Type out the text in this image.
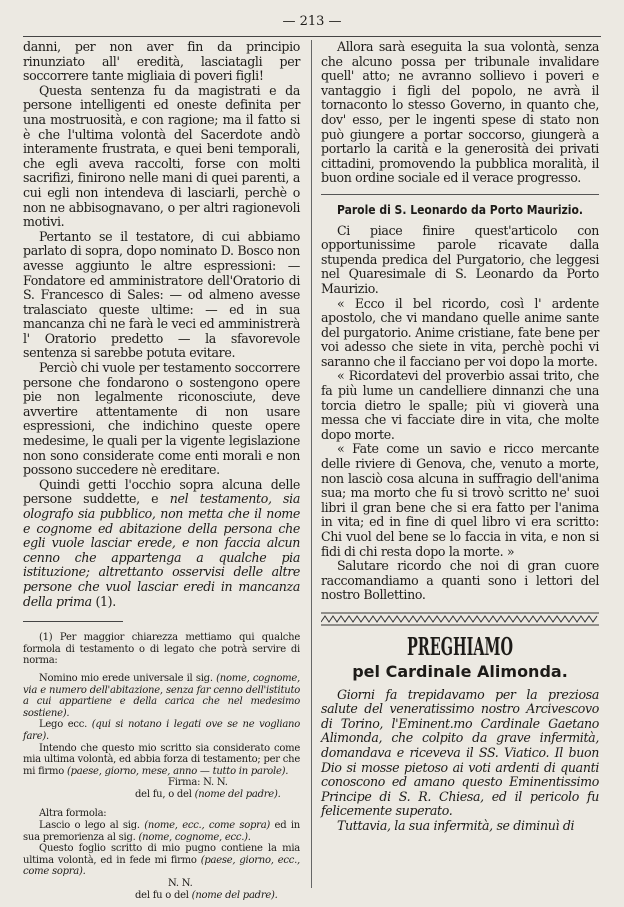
— 213 —

danni, per non aver fin da principio rinunziato all' eredità, lasciatagli per soccorrere tante migliaia di poveri figli!

Questa sentenza fu da magistrati e da persone intelligenti ed oneste definita per una mostruosità, e con ragione; ma il fatto si è che l'ultima volontà del Sacerdote andò interamente frustrata, e quei beni temporali, che egli aveva raccolti, forse con molti sacrifizi, finirono nelle mani di quei parenti, a cui egli non intendeva di lasciarli, perchè o non ne abbisognavano, o per altri ragionevoli motivi.

Pertanto se il testatore, di cui abbiamo parlato di sopra, dopo nominato D. Bosco non avesse aggiunto le altre espressioni: — Fondatore ed amministratore dell'Oratorio di S. Francesco di Sales: — od almeno avesse tralasciato queste ultime: — ed in sua mancanza chi ne farà le veci ed amministrerà l' Oratorio predetto — la sfavorevole sentenza si sarebbe potuta evitare.

Perciò chi vuole per testamento soccorrere persone che fondarono o sostengono opere pie non legalmente riconosciute, deve avvertire attentamente di non usare espressioni, che indichino queste opere medesime, le quali per la vigente legislazione non sono considerate come enti morali e non possono succedere nè ereditare.

Quindi getti l'occhio sopra alcuna delle persone suddette, e nel testamento, sia olografo sia pubblico, non metta che il nome e cognome ed abitazione della persona che egli vuole lasciar erede, e non faccia alcun cenno che appartenga a qualche pia istituzione; altrettanto osservisi delle altre persone che vuol lasciar eredi in mancanza della prima (1).

(1) Per maggior chiarezza mettiamo qui qualche formola di testamento o di legato che potrà servire di norma:

Nomino mio erede universale il sig. (nome, cognome, via e numero dell'abitazione, senza far cenno dell'istituto a cui appartiene e della carica che nel medesimo sostiene).

Lego ecc. (qui si notano i legati ove se ne vogliano fare).

Intendo che questo mio scritto sia considerato come mia ultima volontà, ed abbia forza di testamento; per che mi firmo (paese, giorno, mese, anno — tutto in parole).

Firma: N. N.

del fu, o del (nome del padre).

Altra formola:

Lascio o lego al sig. (nome, ecc., come sopra) ed in sua premorienza al sig. (nome, cognome, ecc.).

Questo foglio scritto di mio pugno contiene la mia ultima volontà, ed in fede mi firmo (paese, giorno, ecc., come sopra).

N. N.

del fu o del (nome del padre).

Allora sarà eseguita la sua volontà, senza che alcuno possa per tribunale invalidare quell' atto; ne avranno sollievo i poveri e vantaggio i figli del popolo, ne avrà il tornaconto lo stesso Governo, in quanto che, dov' esso, per le ingenti spese di stato non può giungere a portar soccorso, giungerà a portarlo la carità e la generosità dei privati cittadini, promovendo la pubblica moralità, il buon ordine sociale ed il verace progresso.

Parole di S. Leonardo da Porto Maurizio.

Ci piace finire quest'articolo con opportunissime parole ricavate dalla stupenda predica del Purgatorio, che leggesi nel Quaresimale di S. Leonardo da Porto Maurizio.

« Ecco il bel ricordo, così l' ardente apostolo, che vi mandano quelle anime sante del purgatorio. Anime cristiane, fate bene per voi adesso che siete in vita, perchè pochi vi saranno che il facciano per voi dopo la morte.

« Ricordatevi del proverbio assai trito, che fa più lume un candelliere dinnanzi che una torcia dietro le spalle; più vi gioverà una messa che vi facciate dire in vita, che molte dopo morte.

« Fate come un savio e ricco mercante delle riviere di Genova, che, venuto a morte, non lasciò cosa alcuna in suffragio dell'anima sua; ma morto che fu si trovò scritto ne' suoi libri il gran bene che si era fatto per l'anima in vita; ed in fine di quel libro vi era scritto: Chi vuol del bene se lo faccia in vita, e non si fidi di chi resta dopo la morte. »

Salutare ricordo che noi di gran cuore raccomandiamo a quanti sono i lettori del nostro Bollettino.

PREGHIAMO
pel Cardinale Alimonda.

Giorni fa trepidavamo per la preziosa salute del veneratissimo nostro Arcivescovo di Torino, l'Eminent.mo Cardinale Gaetano Alimonda, che colpito da grave infermità, domandava e riceveva il SS. Viatico. Il buon Dio si mosse pietoso ai voti ardenti di quanti conoscono ed amano questo Eminentissimo Principe di S. R. Chiesa, ed il pericolo fu felicemente superato.

Tuttavia, la sua infermità, se diminuì di
